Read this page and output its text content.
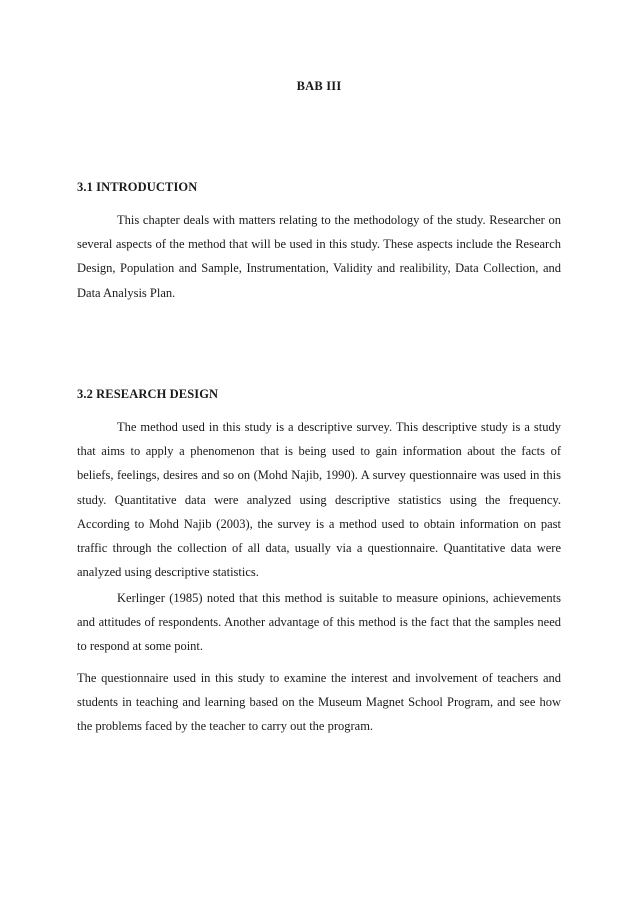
BAB III
3.1 INTRODUCTION

This chapter deals with matters relating to the methodology of the study. Researcher on several aspects of the method that will be used in this study. These aspects include the Research Design, Population and Sample, Instrumentation, Validity and realibility, Data Collection, and Data Analysis Plan.

3.2 RESEARCH DESIGN

The method used in this study is a descriptive survey. This descriptive study is a study that aims to apply a phenomenon that is being used to gain information about the facts of beliefs, feelings, desires and so on (Mohd Najib, 1990). A survey questionnaire was used in this study. Quantitative data were analyzed using descriptive statistics using the frequency. According to Mohd Najib (2003), the survey is a method used to obtain information on past traffic through the collection of all data, usually via a questionnaire. Quantitative data were analyzed using descriptive statistics.

Kerlinger (1985) noted that this method is suitable to measure opinions, achievements and attitudes of respondents. Another advantage of this method is the fact that the samples need to respond at some point.

The questionnaire used in this study to examine the interest and involvement of teachers and students in teaching and learning based on the Museum Magnet School Program, and see how the problems faced by the teacher to carry out the program.
